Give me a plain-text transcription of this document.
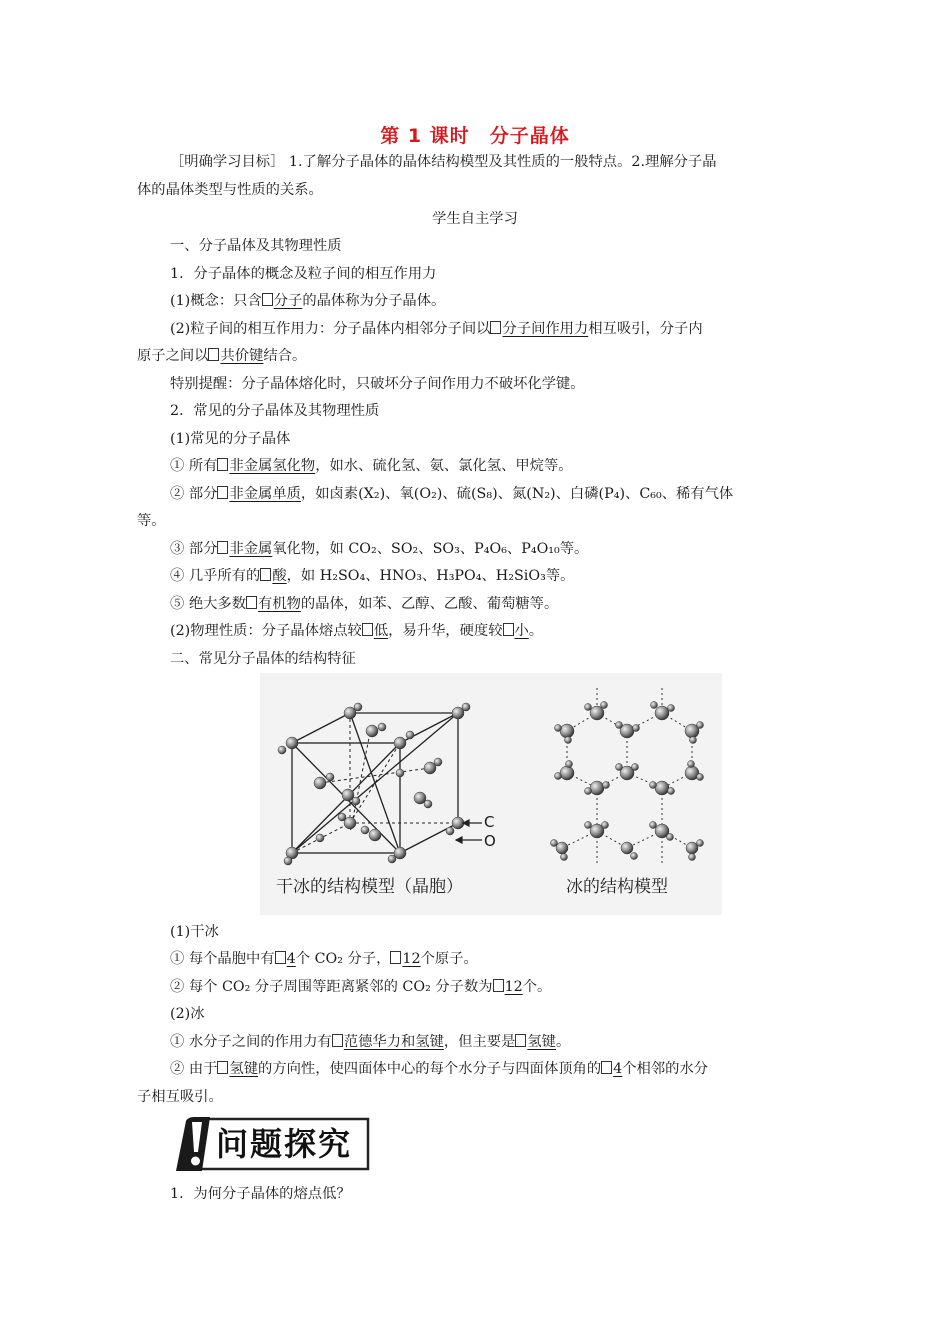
第 1 课时　分子晶体
［明确学习目标］ 1.了解分子晶体的晶体结构模型及其性质的一般特点。2.理解分子晶
体的晶体类型与性质的关系。
学生自主学习
一、分子晶体及其物理性质
1．分子晶体的概念及粒子间的相互作用力
(1)概念：只含 分子的晶体称为分子晶体。
(2)粒子间的相互作用力：分子晶体内相邻分子间以 分子间作用力相互吸引，分子内
原子之间以 共价键结合。
特别提醒：分子晶体熔化时，只破坏分子间作用力不破坏化学键。
2．常见的分子晶体及其物理性质
(1)常见的分子晶体
① 所有 非金属氢化物，如水、硫化氢、氨、氯化氢、甲烷等。
② 部分 非金属单质，如卤素(X₂)、氧(O₂)、硫(S₈)、氮(N₂)、白磷(P₄)、C₆₀、稀有气体
等。
③ 部分 非金属氧化物，如 CO₂、SO₂、SO₃、P₄O₆、P₄O₁₀等。
④ 几乎所有的 酸，如 H₂SO₄、HNO₃、H₃PO₄、H₂SiO₃等。
⑤ 绝大多数 有机物的晶体，如苯、乙醇、乙酸、葡萄糖等。
(2)物理性质：分子晶体熔点较 低，易升华，硬度较 小。
二、常见分子晶体的结构特征
C
O
干冰的结构模型（晶胞）	冰的结构模型
(1)干冰
① 每个晶胞中有 4个 CO₂ 分子， 12个原子。
② 每个 CO₂ 分子周围等距离紧邻的 CO₂ 分子数为 12个。
(2)冰
① 水分子之间的作用力有 范德华力和氢键，但主要是 氢键。
② 由于 氢键的方向性，使四面体中心的每个水分子与四面体顶角的 4个相邻的水分
子相互吸引。
问题探究
1．为何分子晶体的熔点低？
